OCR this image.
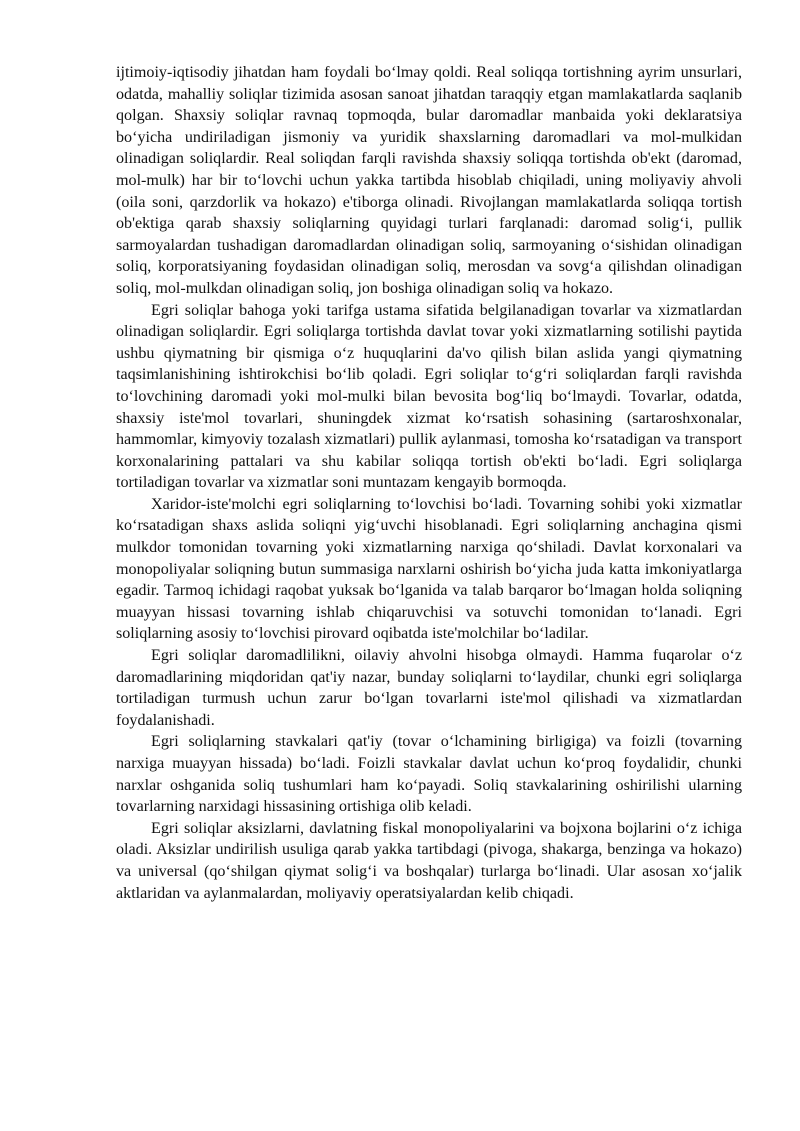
ijtimoiy-iqtisodiy jihatdan ham foydali bo‘lmay qoldi. Real soliqqa tortishning ayrim unsurlari, odatda, mahalliy soliqlar tizimida asosan sanoat jihatdan taraqqiy etgan mamlakatlarda saqlanib qolgan. Shaxsiy soliqlar ravnaq topmoqda, bular daromadlar manbaida yoki deklaratsiya bo‘yicha undiriladigan jismoniy va yuridik shaxslarning daromadlari va mol-mulkidan olinadigan soliqlardir. Real soliqdan farqli ravishda shaxsiy soliqqa tortishda ob'ekt (daromad, mol-mulk) har bir to‘lovchi uchun yakka tartibda hisoblab chiqiladi, uning moliyaviy ahvoli (oila soni, qarzdorlik va hokazo) e'tiborga olinadi. Rivojlangan mamlakatlarda soliqqa tortish ob'ektiga qarab shaxsiy soliqlarning quyidagi turlari farqlanadi: daromad solig‘i, pullik sarmoyalardan tushadigan daromadlardan olinadigan soliq, sarmoyaning o‘sishidan olinadigan soliq, korporatsiyaning foydasidan olinadigan soliq, merosdan va sovg‘a qilishdan olinadigan soliq, mol-mulkdan olinadigan soliq, jon boshiga olinadigan soliq va hokazo.

Egri soliqlar bahoga yoki tarifga ustama sifatida belgilanadigan tovarlar va xizmatlardan olinadigan soliqlardir. Egri soliqlarga tortishda davlat tovar yoki xizmatlarning sotilishi paytida ushbu qiymatning bir qismiga o‘z huquqlarini da'vo qilish bilan aslida yangi qiymatning taqsimlanishining ishtirokchisi bo‘lib qoladi. Egri soliqlar to‘g‘ri soliqlardan farqli ravishda to‘lovchining daromadi yoki mol-mulki bilan bevosita bog‘liq bo‘lmaydi. Tovarlar, odatda, shaxsiy iste'mol tovarlari, shuningdek xizmat ko‘rsatish sohasining (sartaroshxonalar, hammomlar, kimyoviy tozalash xizmatlari) pullik aylanmasi, tomosha ko‘rsatadigan va transport korxonalarining pattalari va shu kabilar soliqqa tortish ob'ekti bo‘ladi. Egri soliqlarga tortiladigan tovarlar va xizmatlar soni muntazam kengayib bormoqda.

Xaridor-iste'molchi egri soliqlarning to‘lovchisi bo‘ladi. Tovarning sohibi yoki xizmatlar ko‘rsatadigan shaxs aslida soliqni yig‘uvchi hisoblanadi. Egri soliqlarning anchagina qismi mulkdor tomonidan tovarning yoki xizmatlarning narxiga qo‘shiladi. Davlat korxonalari va monopoliyalar soliqning butun summasiga narxlarni oshirish bo‘yicha juda katta imkoniyatlarga egadir. Tarmoq ichidagi raqobat yuksak bo‘lganida va talab barqaror bo‘lmagan holda soliqning muayyan hissasi tovarning ishlab chiqaruvchisi va sotuvchi tomonidan to‘lanadi. Egri soliqlarning asosiy to‘lovchisi pirovard oqibatda iste'molchilar bo‘ladilar.

Egri soliqlar daromadlilikni, oilaviy ahvolni hisobga olmaydi. Hamma fuqarolar o‘z daromadlarining miqdoridan qat'iy nazar, bunday soliqlarni to‘laydilar, chunki egri soliqlarga tortiladigan turmush uchun zarur bo‘lgan tovarlarni iste'mol qilishadi va xizmatlardan foydalanishadi.

Egri soliqlarning stavkalari qat'iy (tovar o‘lchamining birligiga) va foizli (tovarning narxiga muayyan hissada) bo‘ladi. Foizli stavkalar davlat uchun ko‘proq foydalidir, chunki narxlar oshganida soliq tushumlari ham ko‘payadi. Soliq stavkalarining oshirilishi ularning tovarlarning narxidagi hissasining ortishiga olib keladi.

Egri soliqlar aksizlarni, davlatning fiskal monopoliyalarini va bojxona bojlarini o‘z ichiga oladi. Aksizlar undirilish usuliga qarab yakka tartibdagi (pivoga, shakarga, benzinga va hokazo) va universal (qo‘shilgan qiymat solig‘i va boshqalar) turlarga bo‘linadi. Ular asosan xo‘jalik aktlaridan va aylanmalardan, moliyaviy operatsiyalardan kelib chiqadi.
